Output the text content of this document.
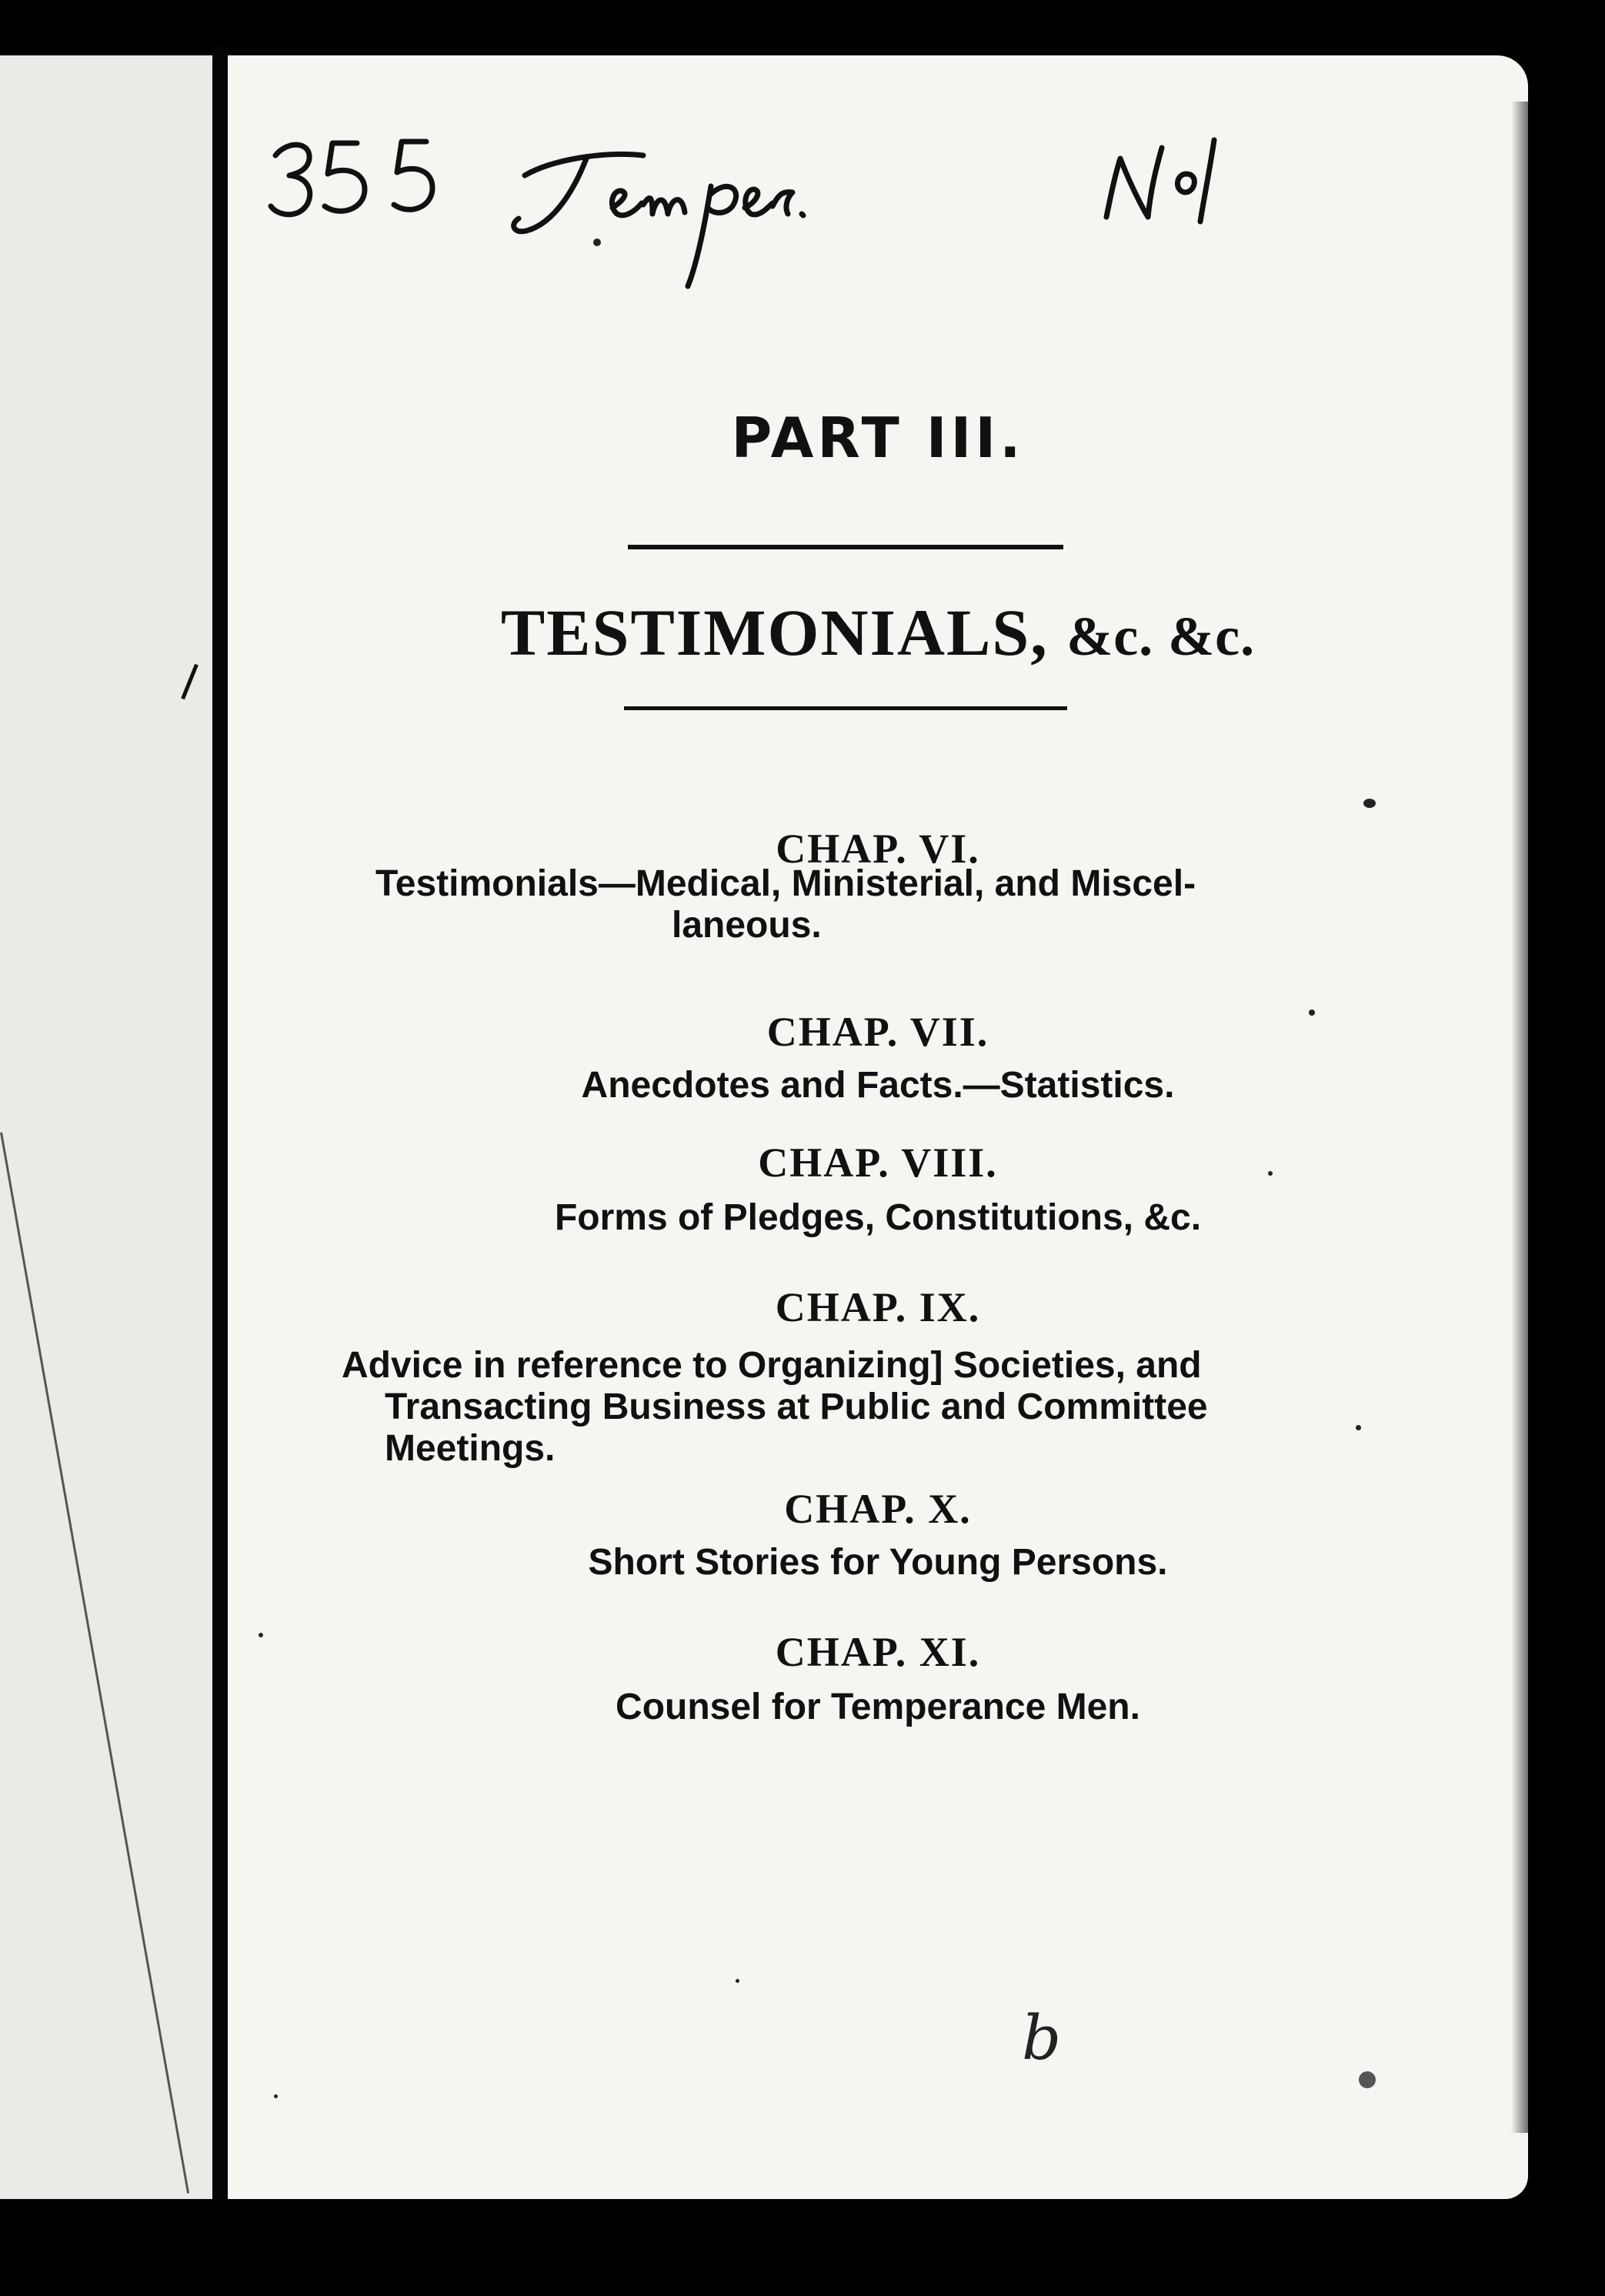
PART III.
TESTIMONIALS, &c. &c.
CHAP. VI.
Testimonials—Medical, Ministerial, and Miscel-
laneous.
CHAP. VII.
Anecdotes and Facts.—Statistics.
CHAP. VIII.
Forms of Pledges, Constitutions, &c.
CHAP. IX.
Advice in reference to Organizing] Societies, and
Transacting Business at Public and Committee
Meetings.
CHAP. X.
Short Stories for Young Persons.
CHAP. XI.
Counsel for Temperance Men.
b
